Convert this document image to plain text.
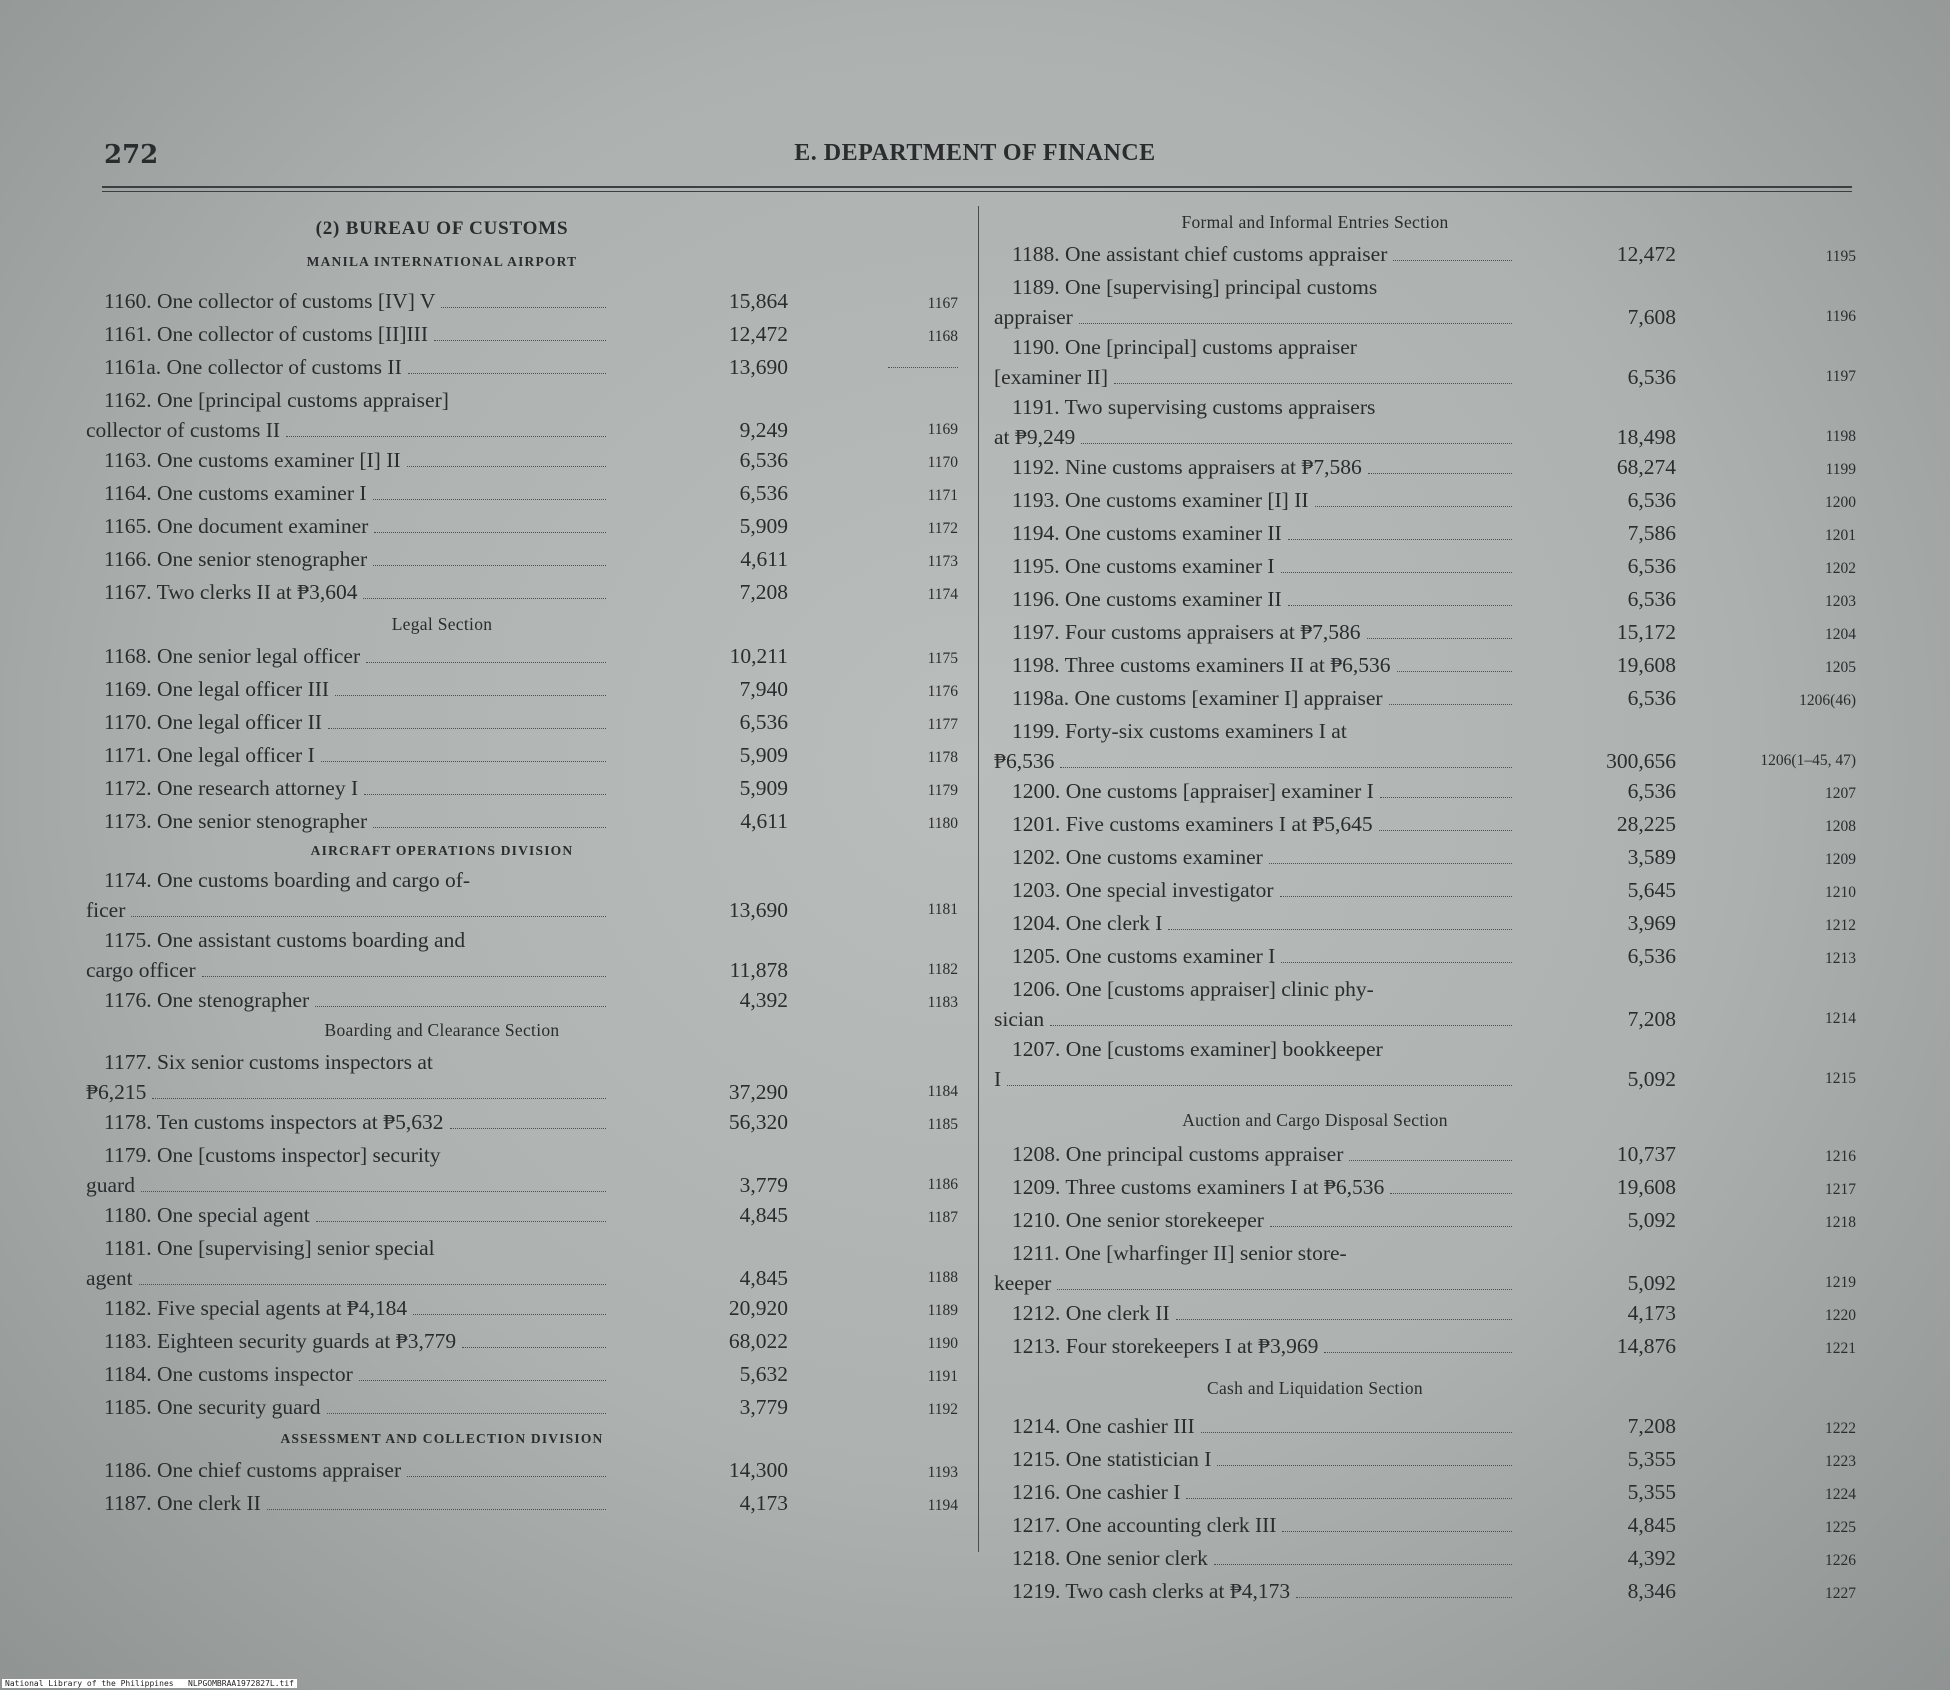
272	E. DEPARTMENT OF FINANCE
(2) BUREAU OF CUSTOMS
MANILA INTERNATIONAL AIRPORT
1160. One collector of customs [IV] V	15,864	1167
1161. One collector of customs [II]III	12,472	1168
1161a. One collector of customs II	13,690
1162. One [principal customs appraiser]
collector of customs II	9,249	1169
1163. One customs examiner [I] II	6,536	1170
1164. One customs examiner I	6,536	1171
1165. One document examiner	5,909	1172
1166. One senior stenographer	4,611	1173
1167. Two clerks II at ₱3,604	7,208	1174
Legal Section
1168. One senior legal officer	10,211	1175
1169. One legal officer III	7,940	1176
1170. One legal officer II	6,536	1177
1171. One legal officer I	5,909	1178
1172. One research attorney I	5,909	1179
1173. One senior stenographer	4,611	1180
AIRCRAFT OPERATIONS DIVISION
1174. One customs boarding and cargo of-
ficer	13,690	1181
1175. One assistant customs boarding and
cargo officer	11,878	1182
1176. One stenographer	4,392	1183
Boarding and Clearance Section
1177. Six senior customs inspectors at
₱6,215	37,290	1184
1178. Ten customs inspectors at ₱5,632	56,320	1185
1179. One [customs inspector] security
guard	3,779	1186
1180. One special agent	4,845	1187
1181. One [supervising] senior special
agent	4,845	1188
1182. Five special agents at ₱4,184	20,920	1189
1183. Eighteen security guards at ₱3,779	68,022	1190
1184. One customs inspector	5,632	1191
1185. One security guard	3,779	1192
ASSESSMENT AND COLLECTION DIVISION
1186. One chief customs appraiser	14,300	1193
1187. One clerk II	4,173	1194
Formal and Informal Entries Section
1188. One assistant chief customs appraiser	12,472	1195
1189. One [supervising] principal customs
appraiser	7,608	1196
1190. One [principal] customs appraiser
[examiner II]	6,536	1197
1191. Two supervising customs appraisers
at ₱9,249	18,498	1198
1192. Nine customs appraisers at ₱7,586	68,274	1199
1193. One customs examiner [I] II	6,536	1200
1194. One customs examiner II	7,586	1201
1195. One customs examiner I	6,536	1202
1196. One customs examiner II	6,536	1203
1197. Four customs appraisers at ₱7,586	15,172	1204
1198. Three customs examiners II at ₱6,536	19,608	1205
1198a. One customs [examiner I] appraiser	6,536	1206(46)
1199. Forty-six customs examiners I at
₱6,536	300,656	1206(1–45, 47)
1200. One customs [appraiser] examiner I	6,536	1207
1201. Five customs examiners I at ₱5,645	28,225	1208
1202. One customs examiner	3,589	1209
1203. One special investigator	5,645	1210
1204. One clerk I	3,969	1212
1205. One customs examiner I	6,536	1213
1206. One [customs appraiser] clinic phy-
sician	7,208	1214
1207. One [customs examiner] bookkeeper
I	5,092	1215
Auction and Cargo Disposal Section
1208. One principal customs appraiser	10,737	1216
1209. Three customs examiners I at ₱6,536	19,608	1217
1210. One senior storekeeper	5,092	1218
1211. One [wharfinger II] senior store-
keeper	5,092	1219
1212. One clerk II	4,173	1220
1213. Four storekeepers I at ₱3,969	14,876	1221
Cash and Liquidation Section
1214. One cashier III	7,208	1222
1215. One statistician I	5,355	1223
1216. One cashier I	5,355	1224
1217. One accounting clerk III	4,845	1225
1218. One senior clerk	4,392	1226
1219. Two cash clerks at ₱4,173	8,346	1227
National Library of the Philippines NLPGOMBRAA1972827L.tif
